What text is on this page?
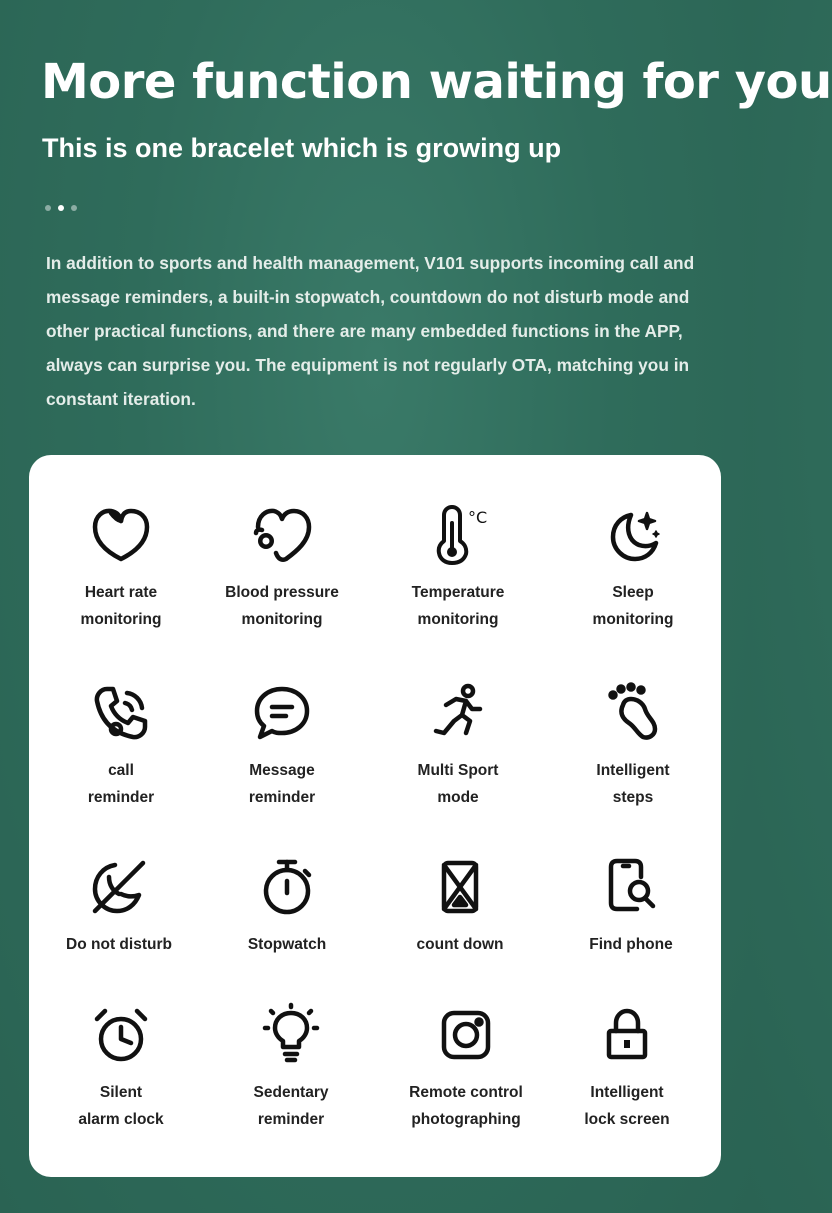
More function waiting for you
This is one bracelet which is growing up
In addition to sports and health management, V101 supports incoming call and
message reminders, a built-in stopwatch, countdown do not disturb mode and
other practical functions, and there are many embedded functions in the APP,
always can surprise you. The equipment is not regularly OTA, matching you in
constant iteration.
Heart rate
monitoring
Blood pressure
monitoring
°C
Temperature
monitoring
Sleep
monitoring
call
reminder
Message
reminder
Multi Sport
mode
Intelligent
steps
Do not disturb	Stopwatch	count down	Find phone
Silent
alarm clock
Sedentary
reminder
Remote control
photographing
Intelligent
lock screen
